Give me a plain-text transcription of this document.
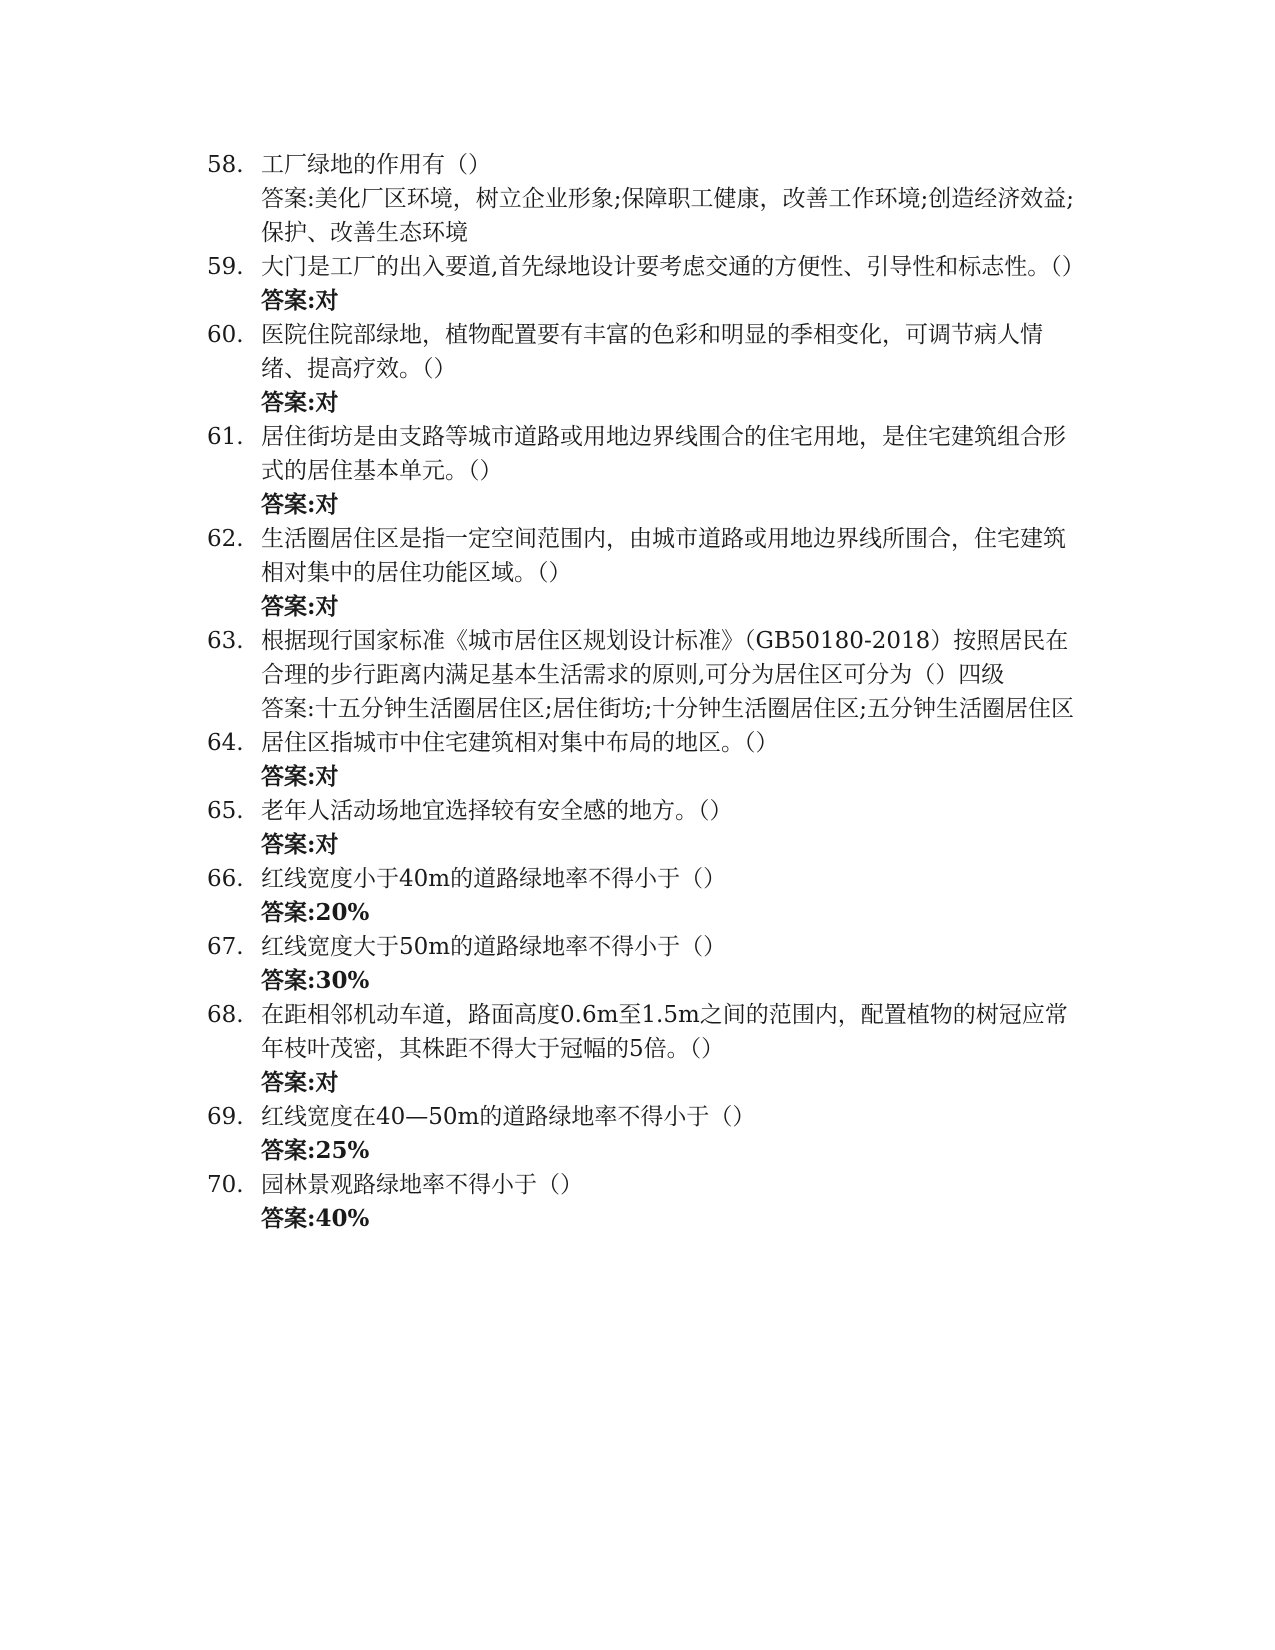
58. 工厂绿地的作用有（）
答案:美化厂区环境，树立企业形象;保障职工健康，改善工作环境;创造经济效益;保护、改善生态环境
59. 大门是工厂的出入要道,首先绿地设计要考虑交通的方便性、引导性和标志性。（）
答案:对
60. 医院住院部绿地，植物配置要有丰富的色彩和明显的季相变化，可调节病人情绪、提高疗效。（）
答案:对
61. 居住街坊是由支路等城市道路或用地边界线围合的住宅用地，是住宅建筑组合形式的居住基本单元。（）
答案:对
62. 生活圈居住区是指一定空间范围内，由城市道路或用地边界线所围合，住宅建筑相对集中的居住功能区域。（）
答案:对
63. 根据现行国家标准《城市居住区规划设计标准》（GB50180-2018）按照居民在合理的步行距离内满足基本生活需求的原则,可分为居住区可分为（）四级
答案:十五分钟生活圈居住区;居住街坊;十分钟生活圈居住区;五分钟生活圈居住区
64. 居住区指城市中住宅建筑相对集中布局的地区。（）
答案:对
65. 老年人活动场地宜选择较有安全感的地方。（）
答案:对
66. 红线宽度小于40m的道路绿地率不得小于（）
答案:20%
67. 红线宽度大于50m的道路绿地率不得小于（）
答案:30%
68. 在距相邻机动车道，路面高度0.6m至1.5m之间的范围内，配置植物的树冠应常年枝叶茂密，其株距不得大于冠幅的5倍。（）
答案:对
69. 红线宽度在40—50m的道路绿地率不得小于（）
答案:25%
70. 园林景观路绿地率不得小于（）
答案:40%
